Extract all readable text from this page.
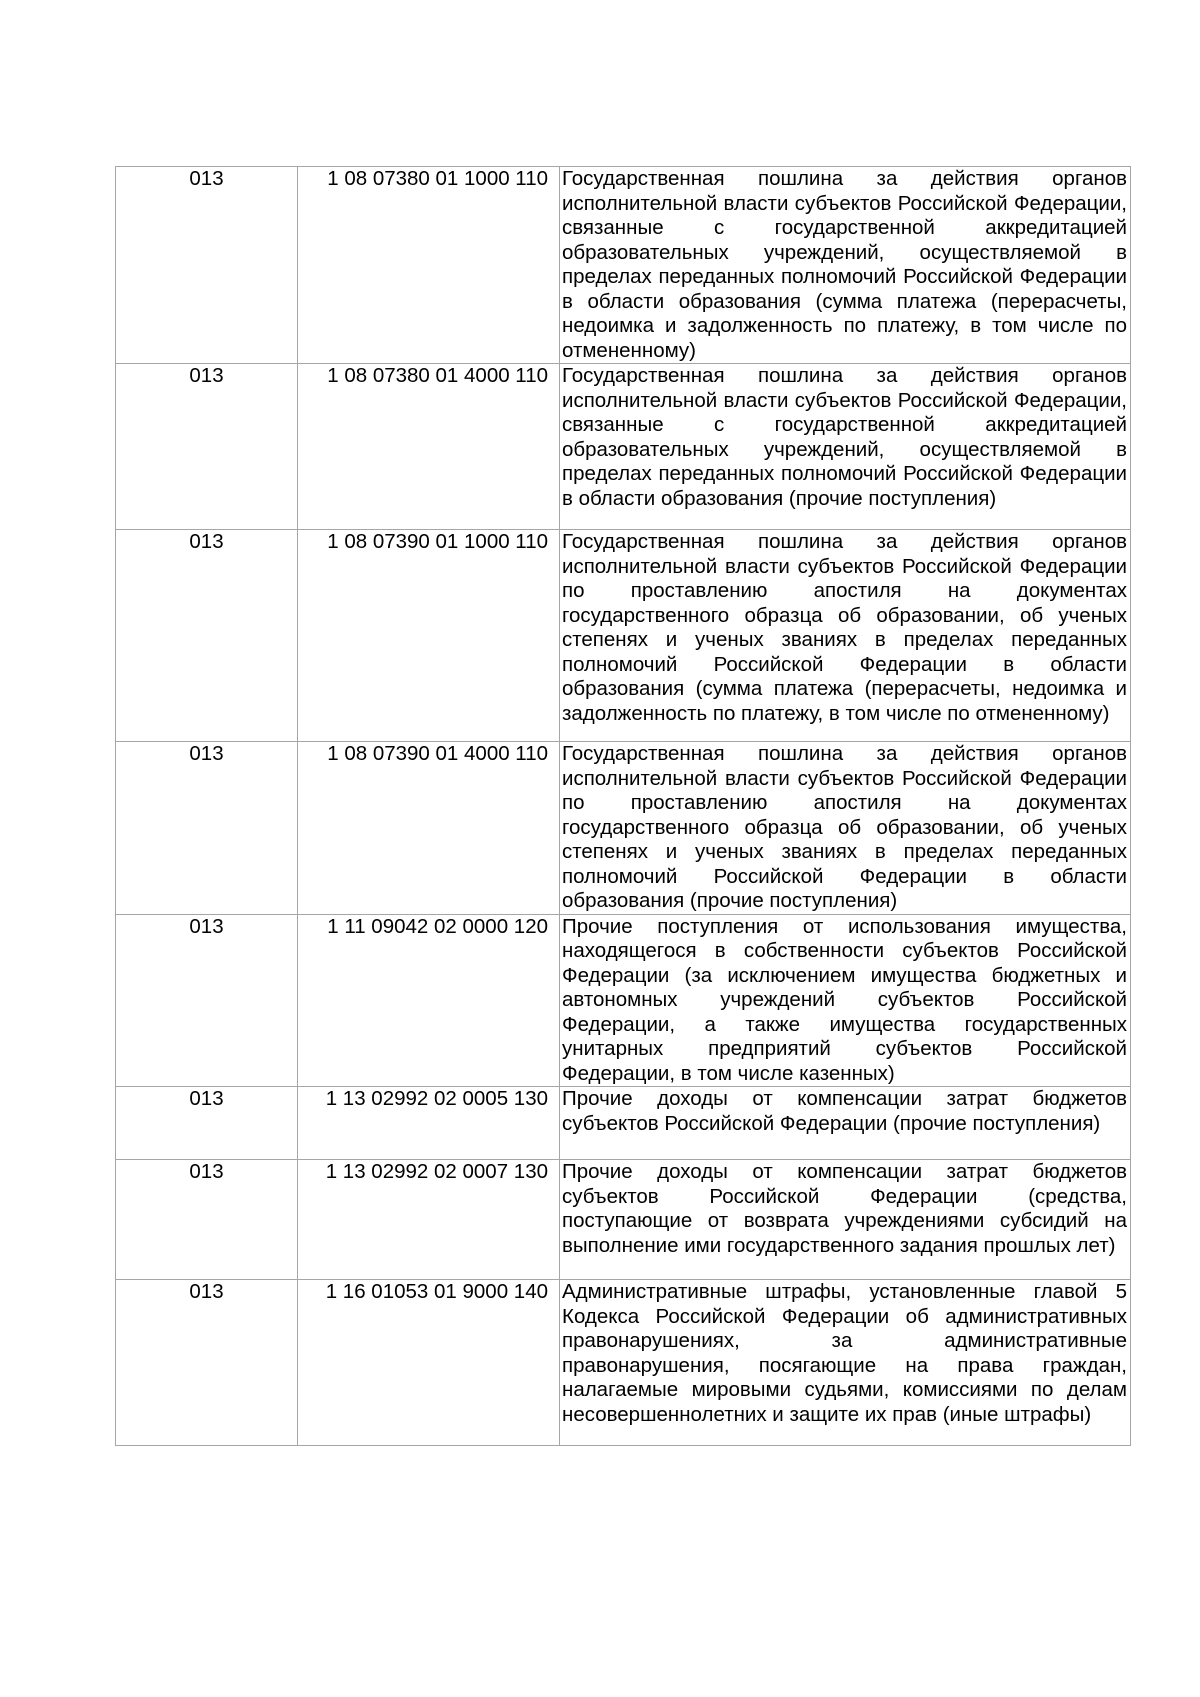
013	1 08 07380 01 1000 110	Государственная пошлина за действия органов исполнительной власти субъектов Российской Федерации, связанные с государственной аккредитацией образовательных учреждений, осуществляемой в пределах переданных полномочий Российской Федерации в области образования (сумма платежа (перерасчеты, недоимка и задолженность по платежу, в том числе по отмененному)

013	1 08 07380 01 4000 110	Государственная пошлина за действия органов исполнительной власти субъектов Российской Федерации, связанные с государственной аккредитацией образовательных учреждений, осуществляемой в пределах переданных полномочий Российской Федерации в области образования (прочие поступления)

013	1 08 07390 01 1000 110	Государственная пошлина за действия органов исполнительной власти субъектов Российской Федерации по проставлению апостиля на документах государственного образца об образовании, об ученых степенях и ученых званиях в пределах переданных полномочий Российской Федерации в области образования (сумма платежа (перерасчеты, недоимка и задолженность по платежу, в том числе по отмененному)

013	1 08 07390 01 4000 110	Государственная пошлина за действия органов исполнительной власти субъектов Российской Федерации по проставлению апостиля на документах государственного образца об образовании, об ученых степенях и ученых званиях в пределах переданных полномочий Российской Федерации в области образования (прочие поступления)

013	1 11 09042 02 0000 120	Прочие поступления от использования имущества, находящегося в собственности субъектов Российской Федерации (за исключением имущества бюджетных и автономных учреждений субъектов Российской Федерации, а также имущества государственных унитарных предприятий субъектов Российской Федерации, в том числе казенных)

013	1 13 02992 02 0005 130	Прочие доходы от компенсации затрат бюджетов субъектов Российской Федерации (прочие поступления)

013	1 13 02992 02 0007 130	Прочие доходы от компенсации затрат бюджетов субъектов Российской Федерации (средства, поступающие от возврата учреждениями субсидий на выполнение ими государственного задания прошлых лет)

013	1 16 01053 01 9000 140	Административные штрафы, установленные главой 5 Кодекса Российской Федерации об административных правонарушениях, за административные правонарушения, посягающие на права граждан, налагаемые мировыми судьями, комиссиями по делам несовершеннолетних и защите их прав (иные штрафы)
